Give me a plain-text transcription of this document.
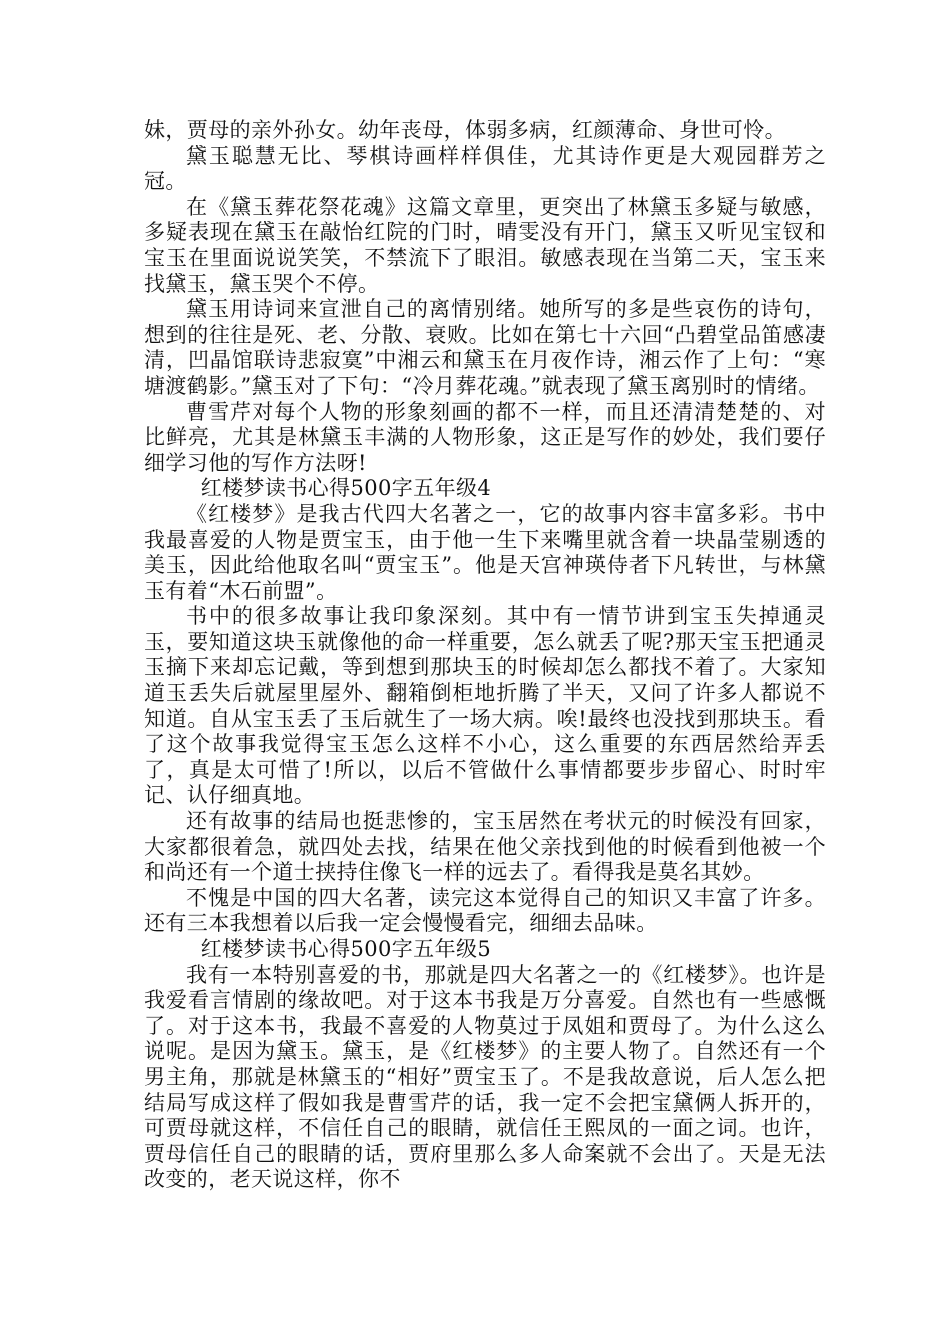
妹，贾母的亲外孙女。幼年丧母，体弱多病，红颜薄命、身世可怜。

黛玉聪慧无比、琴棋诗画样样俱佳，尤其诗作更是大观园群芳之冠。

在《黛玉葬花祭花魂》这篇文章里，更突出了林黛玉多疑与敏感，多疑表现在黛玉在敲怡红院的门时，晴雯没有开门，黛玉又听见宝钗和宝玉在里面说说笑笑，不禁流下了眼泪。敏感表现在当第二天，宝玉来找黛玉，黛玉哭个不停。

黛玉用诗词来宣泄自己的离情别绪。她所写的多是些哀伤的诗句，想到的往往是死、老、分散、衰败。比如在第七十六回“凸碧堂品笛感凄清，凹晶馆联诗悲寂寞”中湘云和黛玉在月夜作诗，湘云作了上句：“寒塘渡鹤影。”黛玉对了下句：“冷月葬花魂。”就表现了黛玉离别时的情绪。

曹雪芹对每个人物的形象刻画的都不一样，而且还清清楚楚的、对比鲜亮，尤其是林黛玉丰满的人物形象，这正是写作的妙处，我们要仔细学习他的写作方法呀!

红楼梦读书心得500字五年级4

《红楼梦》是我古代四大名著之一，它的故事内容丰富多彩。书中我最喜爱的人物是贾宝玉，由于他一生下来嘴里就含着一块晶莹剔透的美玉，因此给他取名叫“贾宝玉”。他是天宫神瑛侍者下凡转世，与林黛玉有着“木石前盟”。

书中的很多故事让我印象深刻。其中有一情节讲到宝玉失掉通灵玉，要知道这块玉就像他的命一样重要，怎么就丢了呢?那天宝玉把通灵玉摘下来却忘记戴，等到想到那块玉的时候却怎么都找不着了。大家知道玉丢失后就屋里屋外、翻箱倒柜地折腾了半天，又问了许多人都说不知道。自从宝玉丢了玉后就生了一场大病。唉!最终也没找到那块玉。看了这个故事我觉得宝玉怎么这样不小心，这么重要的东西居然给弄丢了，真是太可惜了!所以，以后不管做什么事情都要步步留心、时时牢记、认仔细真地。

还有故事的结局也挺悲惨的，宝玉居然在考状元的时候没有回家，大家都很着急，就四处去找，结果在他父亲找到他的时候看到他被一个和尚还有一个道士挟持住像飞一样的远去了。看得我是莫名其妙。

不愧是中国的四大名著，读完这本觉得自己的知识又丰富了许多。还有三本我想着以后我一定会慢慢看完，细细去品味。

红楼梦读书心得500字五年级5

我有一本特别喜爱的书，那就是四大名著之一的《红楼梦》。也许是我爱看言情剧的缘故吧。对于这本书我是万分喜爱。自然也有一些感慨了。对于这本书，我最不喜爱的人物莫过于凤姐和贾母了。为什么这么说呢。是因为黛玉。黛玉，是《红楼梦》的主要人物了。自然还有一个男主角，那就是林黛玉的“相好”贾宝玉了。不是我故意说，后人怎么把结局写成这样了假如我是曹雪芹的话，我一定不会把宝黛俩人拆开的，可贾母就这样，不信任自己的眼睛，就信任王熙凤的一面之词。也许，贾母信任自己的眼睛的话，贾府里那么多人命案就不会出了。天是无法改变的，老天说这样，你不
